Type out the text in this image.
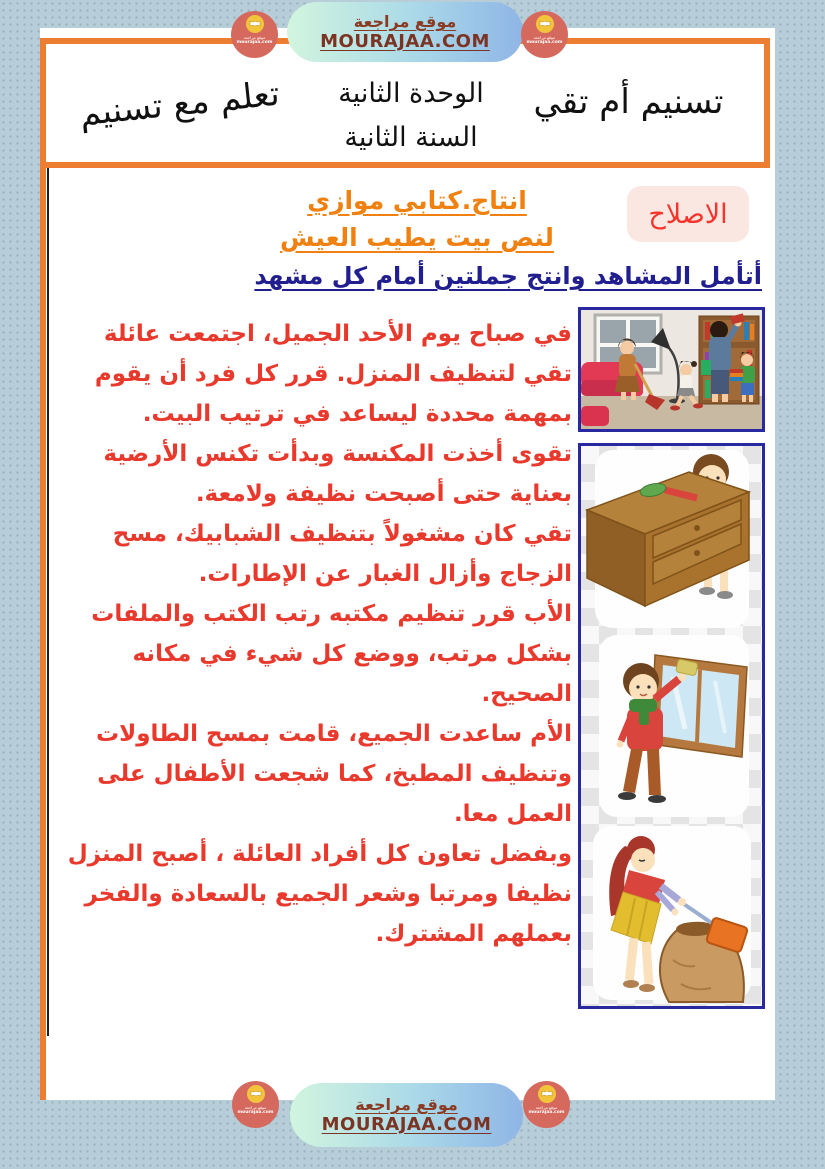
تسنيم أم تقي
الوحدة الثانية
السنة الثانية
تعلم مع تسنيم
الاصلاح
انتاج.كتابي موازي
لنص بيت يطيب العيش
أتأمل المشاهد وانتج جملتين أمام كل مشهد

في صباح يوم الأحد الجميل، اجتمعت عائلة تقي لتنظيف المنزل. قرر كل فرد أن يقوم بمهمة محددة ليساعد في ترتيب البيت.

تقوى أخذت المكنسة وبدأت تكنس الأرضية بعناية حتى أصبحت نظيفة ولامعة.

تقي كان مشغولاً بتنظيف الشبابيك، مسح الزجاج وأزال الغبار عن الإطارات.

الأب قرر تنظيم مكتبه رتب الكتب والملفات بشكل مرتب، ووضع كل شيء في مكانه الصحيح.

الأم ساعدت الجميع، قامت بمسح الطاولات وتنظيف المطبخ، كما شجعت الأطفال على العمل معا.

وبفضل تعاون كل أفراد العائلة ، أصبح المنزل نظيفا ومرتبا وشعر الجميع بالسعادة والفخر بعملهم المشترك.

موقع مراجعة
MOURAJAA.COM
موقع مراجعة
mourajaa.com
موقع مراجعة
mourajaa.com
موقع مراجعة
MOURAJAA.COM
موقع مراجعة
mourajaa.com
موقع مراجعة
mourajaa.com
